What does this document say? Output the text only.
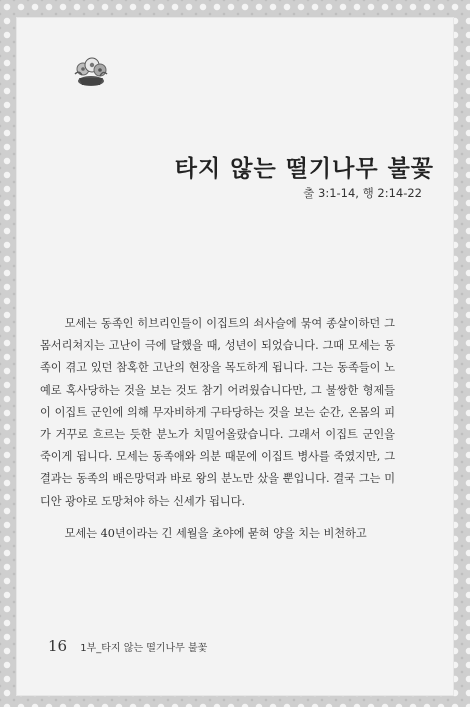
타지 않는 떨기나무 불꽃
출 3:1-14, 행 2:14-22

모세는 동족인 히브리인들이 이집트의 쇠사슬에 묶여 종살이하던 그 몸서리쳐지는 고난이 극에 달했을 때, 성년이 되었습니다. 그때 모세는 동족이 겪고 있던 참혹한 고난의 현장을 목도하게 됩니다. 그는 동족들이 노예로 혹사당하는 것을 보는 것도 참기 어려웠습니다만, 그 불쌍한 형제들이 이집트 군인에 의해 무자비하게 구타당하는 것을 보는 순간, 온몸의 피가 거꾸로 흐르는 듯한 분노가 치밀어올랐습니다. 그래서 이집트 군인을 죽이게 됩니다. 모세는 동족애와 의분 때문에 이집트 병사를 죽였지만, 그 결과는 동족의 배은망덕과 바로 왕의 분노만 샀을 뿐입니다. 결국 그는 미디안 광야로 도망쳐야 하는 신세가 됩니다.

모세는 40년이라는 긴 세월을 초야에 묻혀 양을 치는 비천하고

16 1부_타지 않는 떨기나무 불꽃
